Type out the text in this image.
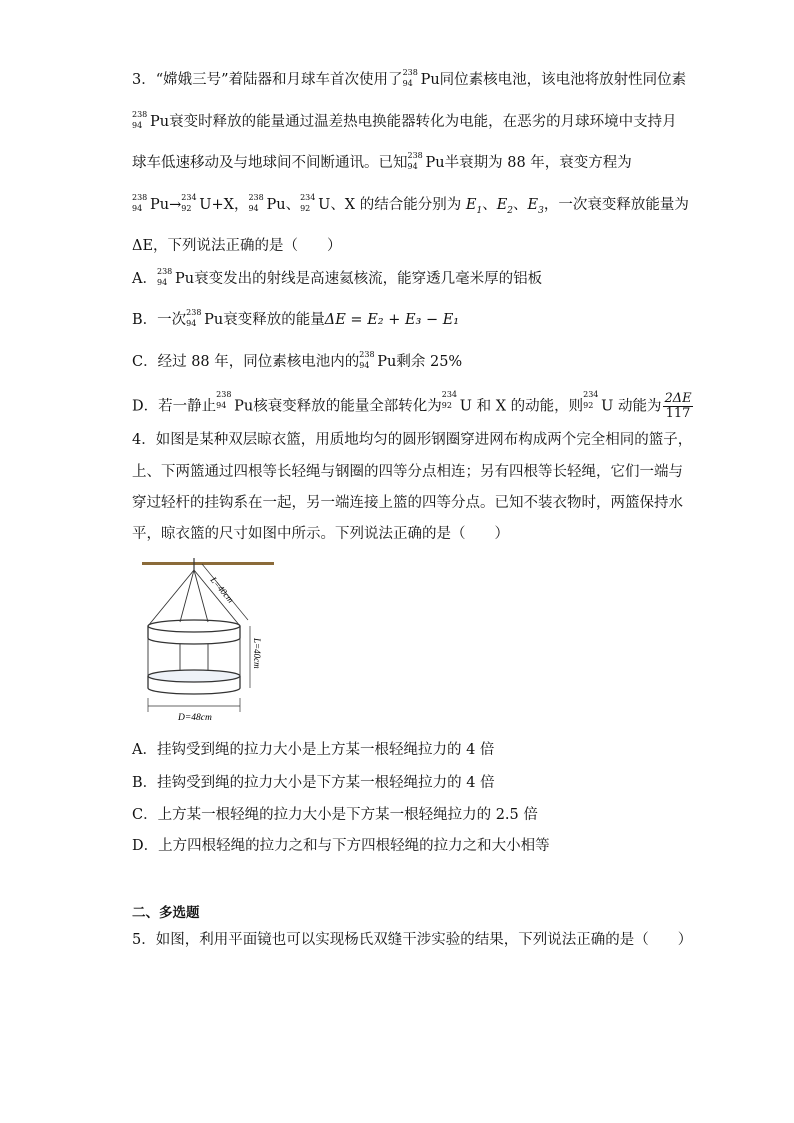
3．“嫦娥三号”着陆器和月球车首次使用了 238
94 Pu同位素核电池，该电池将放射性同位素
238
94 Pu衰变时释放的能量通过温差热电换能器转化为电能，在恶劣的月球环境中支持月
球车低速移动及与地球间不间断通讯。已知 238
94 Pu半衰期为 88 年，衰变方程为
238
94 Pu→ 234
92 U+X， 238
94 Pu、 234
92 U、X 的结合能分别为 $E_1$、$E_2$、$E_3$，一次衰变释放能量为
ΔE，下列说法正确的是（　　）
A． 238
94 Pu衰变发出的射线是高速氦核流，能穿透几毫米厚的铝板
B．一次 238
94 Pu衰变释放的能量ΔE = E₂ + E₃ − E₁
C．经过 88 年，同位素核电池内的 238
94 Pu剩余 25%
D．若一静止
238
94 Pu核衰变释放的能量全部转化为
234
92 U 和 X 的动能，则
234
92 U 动能为 $\frac{2\Delta E}{117}$
4．如图是某种双层晾衣篮，用质地均匀的圆形钢圈穿进网布构成两个完全相同的篮子，
上、下两篮通过四根等长轻绳与钢圈的四等分点相连；另有四根等长轻绳，它们一端与
穿过轻杆的挂钩系在一起，另一端连接上篮的四等分点。已知不装衣物时，两篮保持水
平，晾衣篮的尺寸如图中所示。下列说法正确的是（　　）
L=40cm
L=40cm
D=48cm
A．挂钩受到绳的拉力大小是上方某一根轻绳拉力的 4 倍
B．挂钩受到绳的拉力大小是下方某一根轻绳拉力的 4 倍
C．上方某一根轻绳的拉力大小是下方某一根轻绳拉力的 2.5 倍
D．上方四根轻绳的拉力之和与下方四根轻绳的拉力之和大小相等
二、多选题
5．如图，利用平面镜也可以实现杨氏双缝干涉实验的结果，下列说法正确的是（　　）
